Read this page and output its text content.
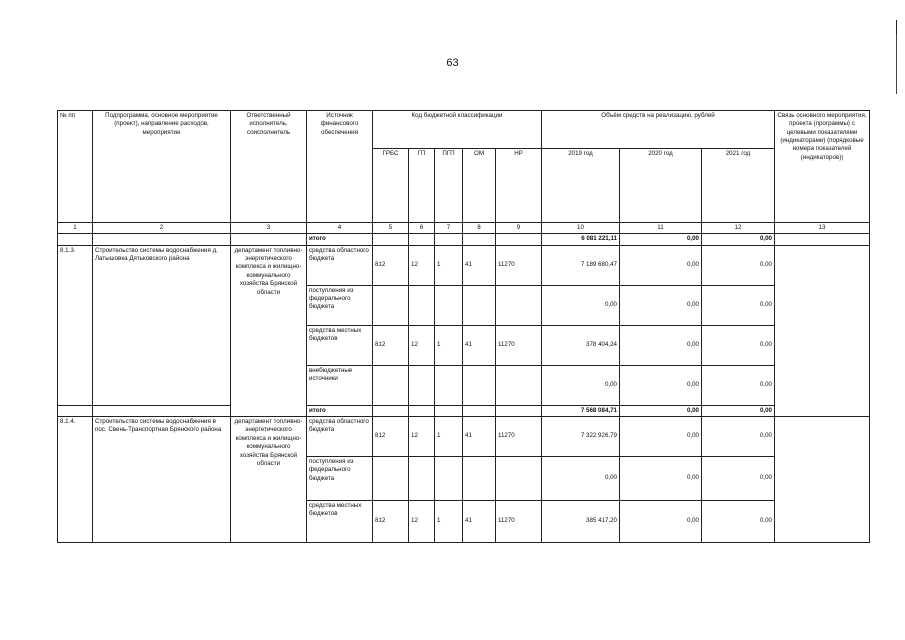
63
№ пп	Подпрограмма, основное мероприятие (проект), направление расходов, мероприятие	Ответственный исполнитель, соисполнитель	Источник финансового обеспечения	Код бюджетной классификации					Объём средств на реализацию, рублей			Связь основного мероприятия, проекта (программы) с целевыми показателями (индикаторами) (порядковые номера показателей (индикаторов))
				ГРБС	ГП	ПГП	ОМ	НР	2019 год	2020 год	2021 год	
1	2	3	4	5	6	7	8	9	10	11	12	13
			итого						6 081 221,11	0,00	0,00	
8.1.3.	Строительство системы водоснабжения д. Латышовка Дятьковского района	департамент топливно-энергетического комплекса и жилищно-коммунального хозяйства Брянской области	средства областного бюджета	812	12	1	41	11270	7 189 680,47	0,00	0,00	
			поступления из федерального бюджета						0,00	0,00	0,00	
			средства местных бюджетов	812	12	1	41	11270	378 404,24	0,00	0,00	
			внебюджетные источники						0,00	0,00	0,00	
			итого						7 568 084,71	0,00	0,00	
8.1.4.	Строительство системы водоснабжения в пос. Свень-Транспортная Брянского района	департамент топливно-энергетического комплекса и жилищно-коммунального хозяйства Брянской области	средства областного бюджета	812	12	1	41	11270	7 322 926,79	0,00	0,00	
			поступления из федерального бюджета						0,00	0,00	0,00	
			средства местных бюджетов	812	12	1	41	11270	385 417,20	0,00	0,00	
